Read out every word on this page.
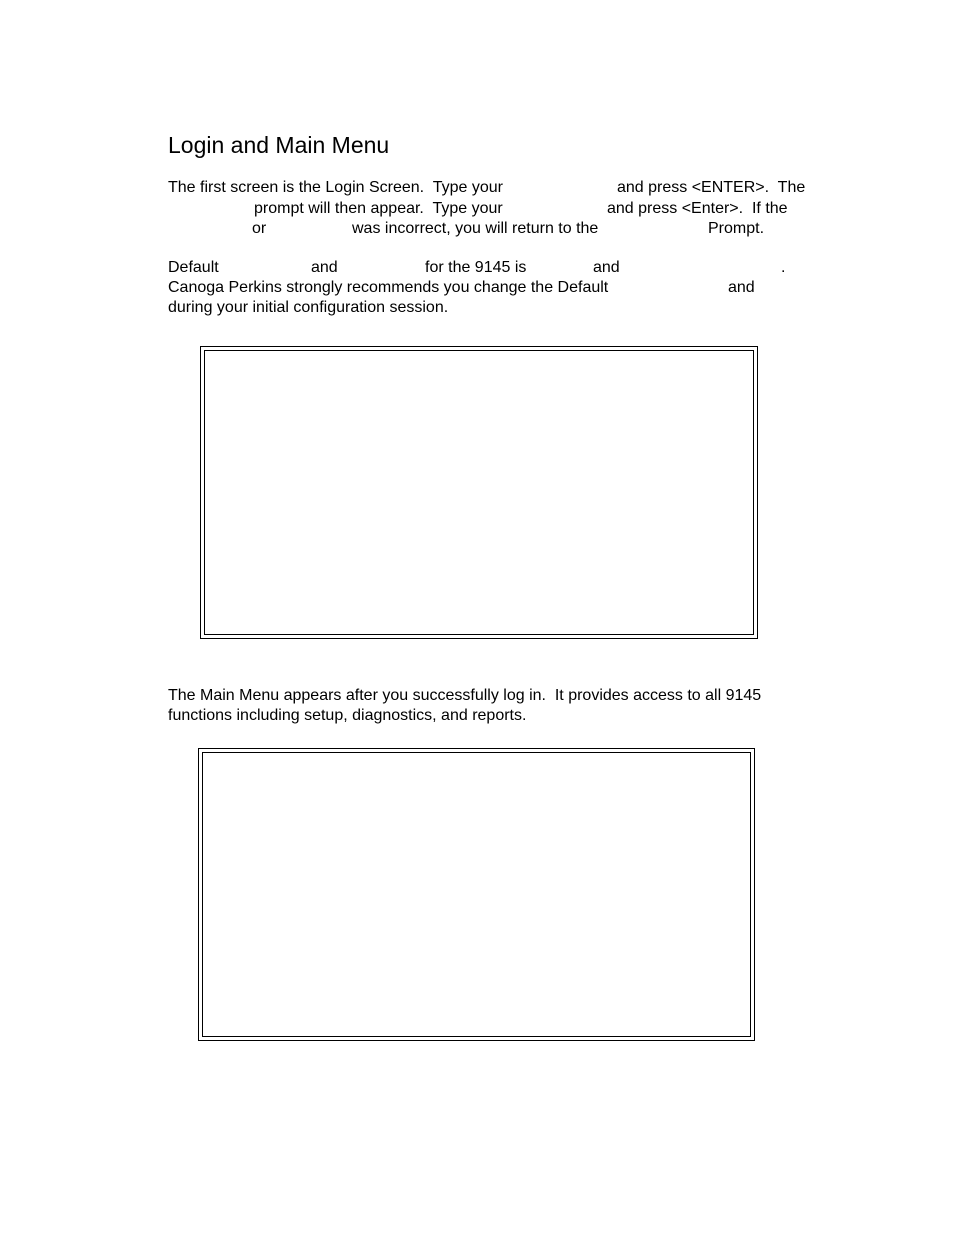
Login and Main Menu
The first screen is the Login Screen.  Type your	and press <ENTER>.  The
prompt will then appear.  Type your	and press <Enter>.  If the
or	was incorrect, you will return to the	Prompt.
Default	and	for the 9145 is	and	.
Canoga Perkins strongly recommends you change the Default	and
during your initial configuration session.
The Main Menu appears after you successfully log in.  It provides access to all 9145
functions including setup, diagnostics, and reports.
